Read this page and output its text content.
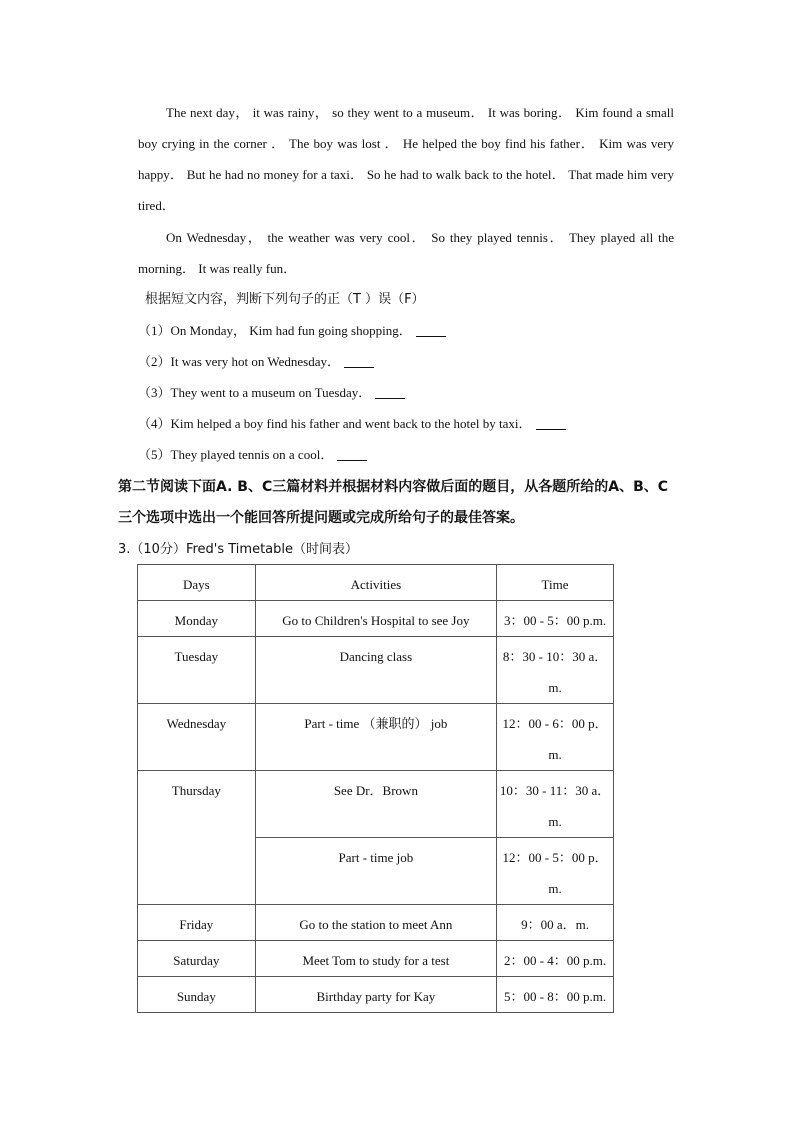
The next day， it was rainy， so they went to a museum． It was boring． Kim found a small boy crying in the corner ． The boy was lost ． He helped the boy find his father． Kim was very happy． But he had no money for a taxi． So he had to walk back to the hotel． That made him very tired．

On Wednesday， the weather was very cool． So they played tennis． They played all the morning． It was really fun．

根据短文内容，判断下列句子的正（T ）误（F）
（1）On Monday， Kim had fun going shopping．
（2）It was very hot on Wednesday．
（3）They went to a museum on Tuesday．
（4）Kim helped a boy find his father and went back to the hotel by taxi．
（5）They played tennis on a cool．
第二节阅读下面A. B、C三篇材料并根据材料内容做后面的题目，从各题所给的A、B、C三个选项中选出一个能回答所提问题或完成所给句子的最佳答案。
3.（10分）Fred's Timetable（时间表）
Days	Activities	Time
Monday	Go to Children's Hospital to see Joy	3：00 - 5：00 p.m.
Tuesday	Dancing class	8：30 - 10：30 a．m.
Wednesday	Part - time （兼职的） job	12：00 - 6：00 p．m.
Thursday	See Dr．Brown	10：30 - 11：30 a．m.
	Part - time job	12：00 - 5：00 p．m.
Friday	Go to the station to meet Ann	9：00 a．m.
Saturday	Meet Tom to study for a test	2：00 - 4：00 p.m.
Sunday	Birthday party for Kay	5：00 - 8：00 p.m.
